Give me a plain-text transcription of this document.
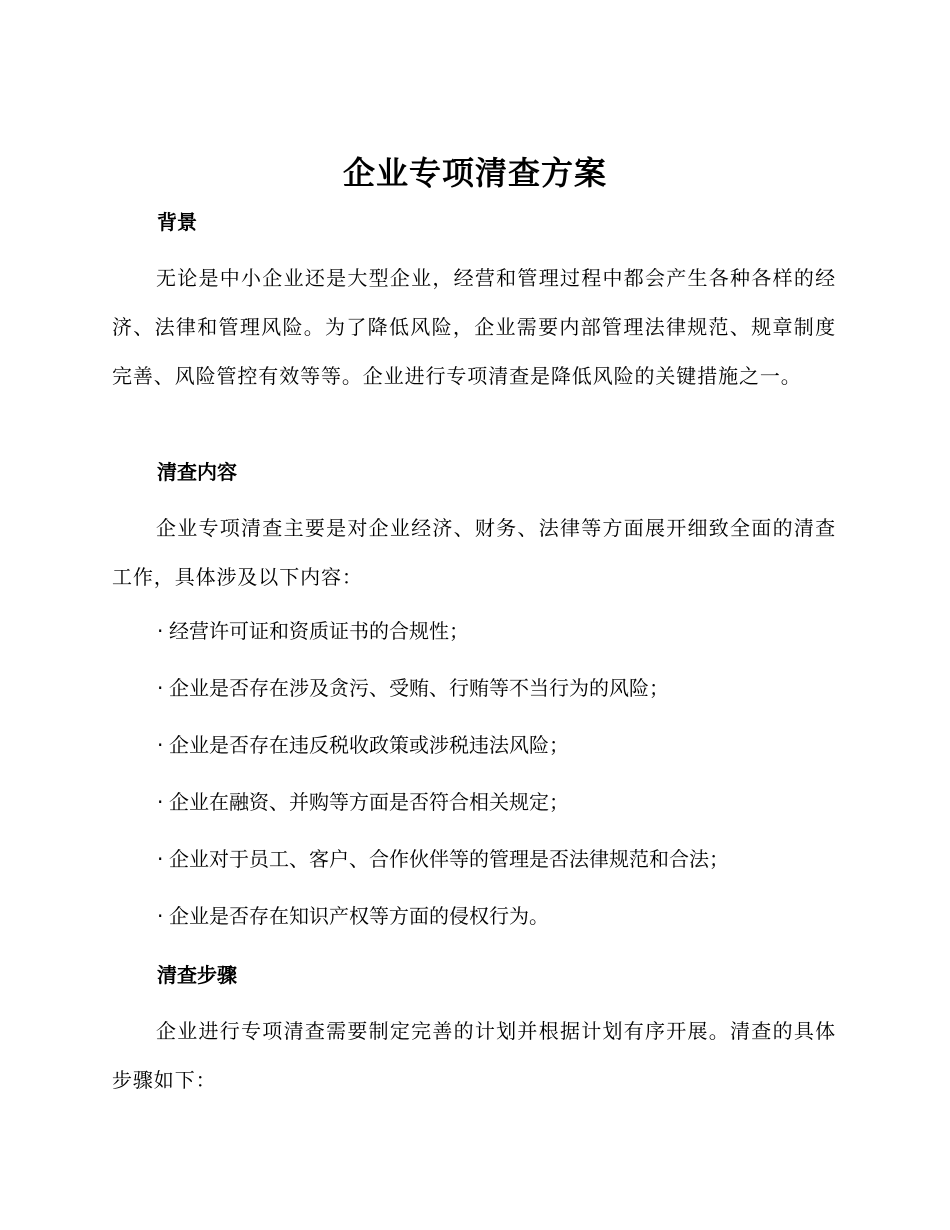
企业专项清查方案
背景

无论是中小企业还是大型企业，经营和管理过程中都会产生各种各样的经济、法律和管理风险。为了降低风险，企业需要内部管理法律规范、规章制度完善、风险管控有效等等。企业进行专项清查是降低风险的关键措施之一。

清查内容

企业专项清查主要是对企业经济、财务、法律等方面展开细致全面的清查工作，具体涉及以下内容：

· 经营许可证和资质证书的合规性；
· 企业是否存在涉及贪污、受贿、行贿等不当行为的风险；
· 企业是否存在违反税收政策或涉税违法风险；
· 企业在融资、并购等方面是否符合相关规定；
· 企业对于员工、客户、合作伙伴等的管理是否法律规范和合法；
· 企业是否存在知识产权等方面的侵权行为。
清查步骤

企业进行专项清查需要制定完善的计划并根据计划有序开展。清查的具体步骤如下：
